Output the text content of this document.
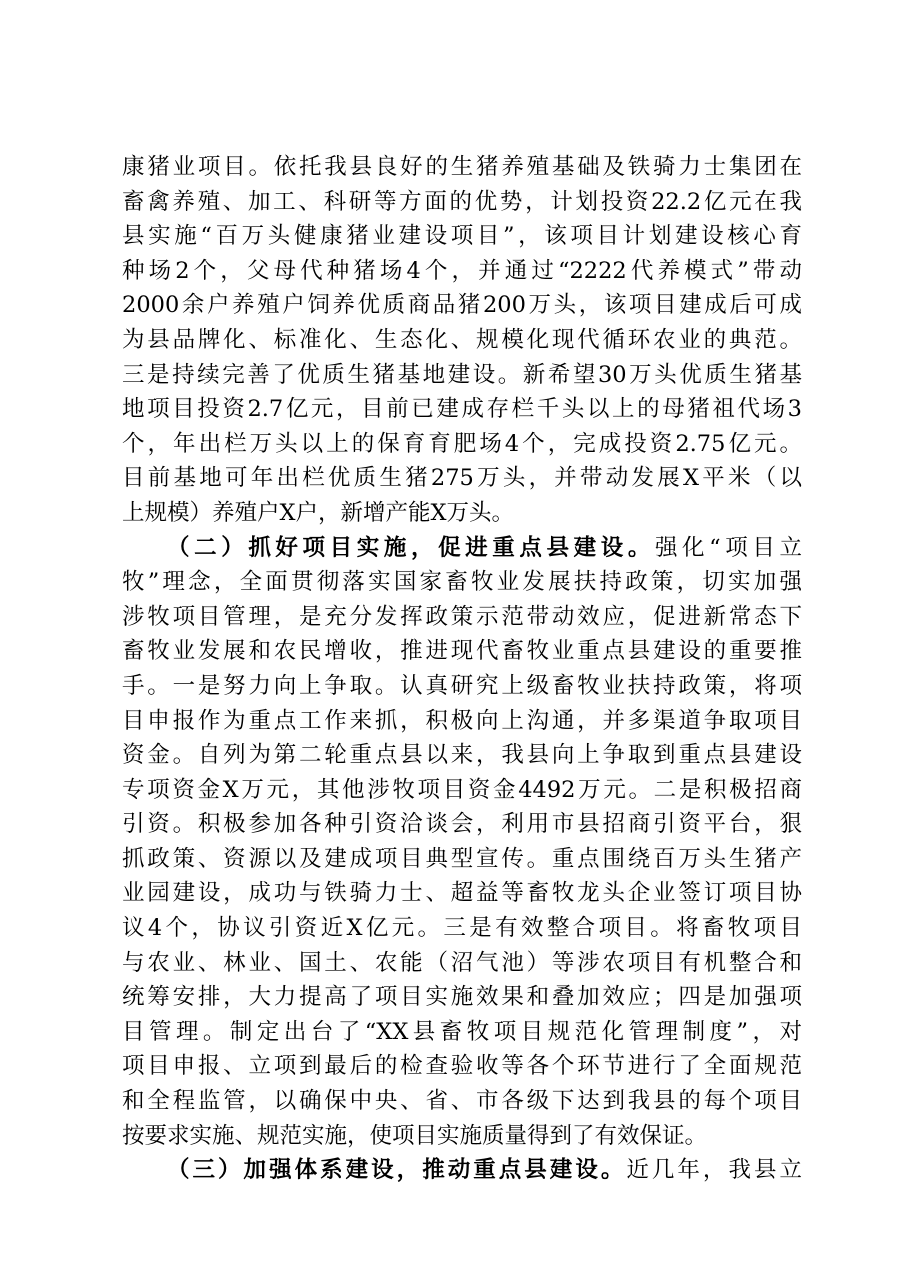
康猪业项目。依托我县良好的生猪养殖基础及铁骑力士集团在
畜禽养殖、加工、科研等方面的优势，计划投资22.2亿元在我
县实施“百万头健康猪业建设项目”，该项目计划建设核心育
种场2个，父母代种猪场4个，并通过“2222代养模式”带动
2000余户养殖户饲养优质商品猪200万头，该项目建成后可成
为县品牌化、标准化、生态化、规模化现代循环农业的典范。
三是持续完善了优质生猪基地建设。新希望30万头优质生猪基
地项目投资2.7亿元，目前已建成存栏千头以上的母猪祖代场3
个，年出栏万头以上的保育育肥场4个，完成投资2.75亿元。
目前基地可年出栏优质生猪275万头，并带动发展X平米（以
上规模）养殖户X户，新增产能X万头。
（二）抓好项目实施，促进重点县建设。强化“项目立
牧”理念，全面贯彻落实国家畜牧业发展扶持政策，切实加强
涉牧项目管理，是充分发挥政策示范带动效应，促进新常态下
畜牧业发展和农民增收，推进现代畜牧业重点县建设的重要推
手。一是努力向上争取。认真研究上级畜牧业扶持政策，将项
目申报作为重点工作来抓，积极向上沟通，并多渠道争取项目
资金。自列为第二轮重点县以来，我县向上争取到重点县建设
专项资金X万元，其他涉牧项目资金4492万元。二是积极招商
引资。积极参加各种引资洽谈会，利用市县招商引资平台，狠
抓政策、资源以及建成项目典型宣传。重点围绕百万头生猪产
业园建设，成功与铁骑力士、超益等畜牧龙头企业签订项目协
议4个，协议引资近X亿元。三是有效整合项目。将畜牧项目
与农业、林业、国土、农能（沼气池）等涉农项目有机整合和
统筹安排，大力提高了项目实施效果和叠加效应；四是加强项
目管理。制定出台了“XX县畜牧项目规范化管理制度”，对
项目申报、立项到最后的检查验收等各个环节进行了全面规范
和全程监管，以确保中央、省、市各级下达到我县的每个项目
按要求实施、规范实施，使项目实施质量得到了有效保证。
（三）加强体系建设，推动重点县建设。近几年，我县立
